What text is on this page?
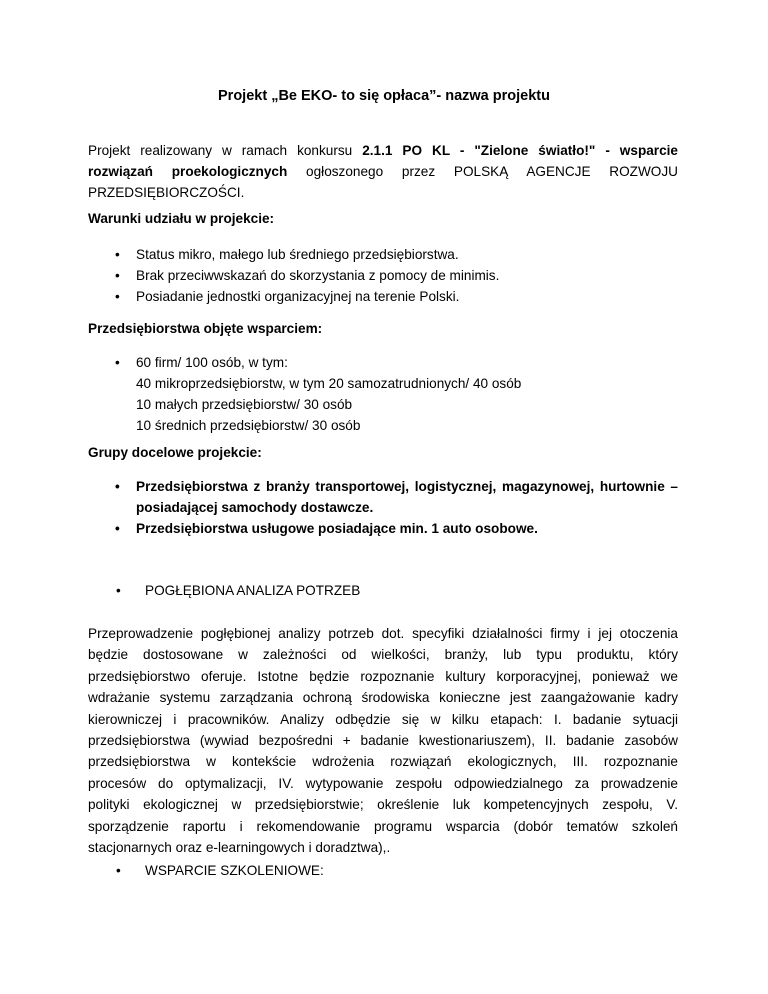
Projekt „Be EKO- to się opłaca”- nazwa projektu
Projekt realizowany w ramach konkursu 2.1.1 PO KL - "Zielone światło!" - wsparcie
rozwiązań proekologicznych ogłoszonego przez POLSKĄ AGENCJE ROZWOJU
PRZEDSIĘBIORCZOŚCI.
Warunki udziału w projekcie:
• Status mikro, małego lub średniego przedsiębiorstwa.
• Brak przeciwwskazań do skorzystania z pomocy de minimis.
• Posiadanie jednostki organizacyjnej na terenie Polski.
Przedsiębiorstwa objęte wsparciem:
• 60 firm/ 100 osób, w tym:
40 mikroprzedsiębiorstw, w tym 20 samozatrudnionych/ 40 osób
10 małych przedsiębiorstw/ 30 osób
10 średnich przedsiębiorstw/ 30 osób
Grupy docelowe projekcie:
• Przedsiębiorstwa z branży transportowej, logistycznej, magazynowej, hurtownie –
posiadającej samochody dostawcze.
• Przedsiębiorstwa usługowe posiadające min. 1 auto osobowe.
• POGŁĘBIONA ANALIZA POTRZEB
Przeprowadzenie pogłębionej analizy potrzeb dot. specyfiki działalności firmy i jej otoczenia
będzie dostosowane w zależności od wielkości, branży, lub typu produktu, który
przedsiębiorstwo oferuje. Istotne będzie rozpoznanie kultury korporacyjnej, ponieważ we
wdrażanie systemu zarządzania ochroną środowiska konieczne jest zaangażowanie kadry
kierowniczej i pracowników. Analizy odbędzie się w kilku etapach: I. badanie sytuacji
przedsiębiorstwa (wywiad bezpośredni + badanie kwestionariuszem), II. badanie zasobów
przedsiębiorstwa w kontekście wdrożenia rozwiązań ekologicznych, III. rozpoznanie
procesów do optymalizacji, IV. wytypowanie zespołu odpowiedzialnego za prowadzenie
polityki ekologicznej w przedsiębiorstwie; określenie luk kompetencyjnych zespołu, V.
sporządzenie raportu i rekomendowanie programu wsparcia (dobór tematów szkoleń
stacjonarnych oraz e-learningowych i doradztwa),.
• WSPARCIE SZKOLENIOWE:
